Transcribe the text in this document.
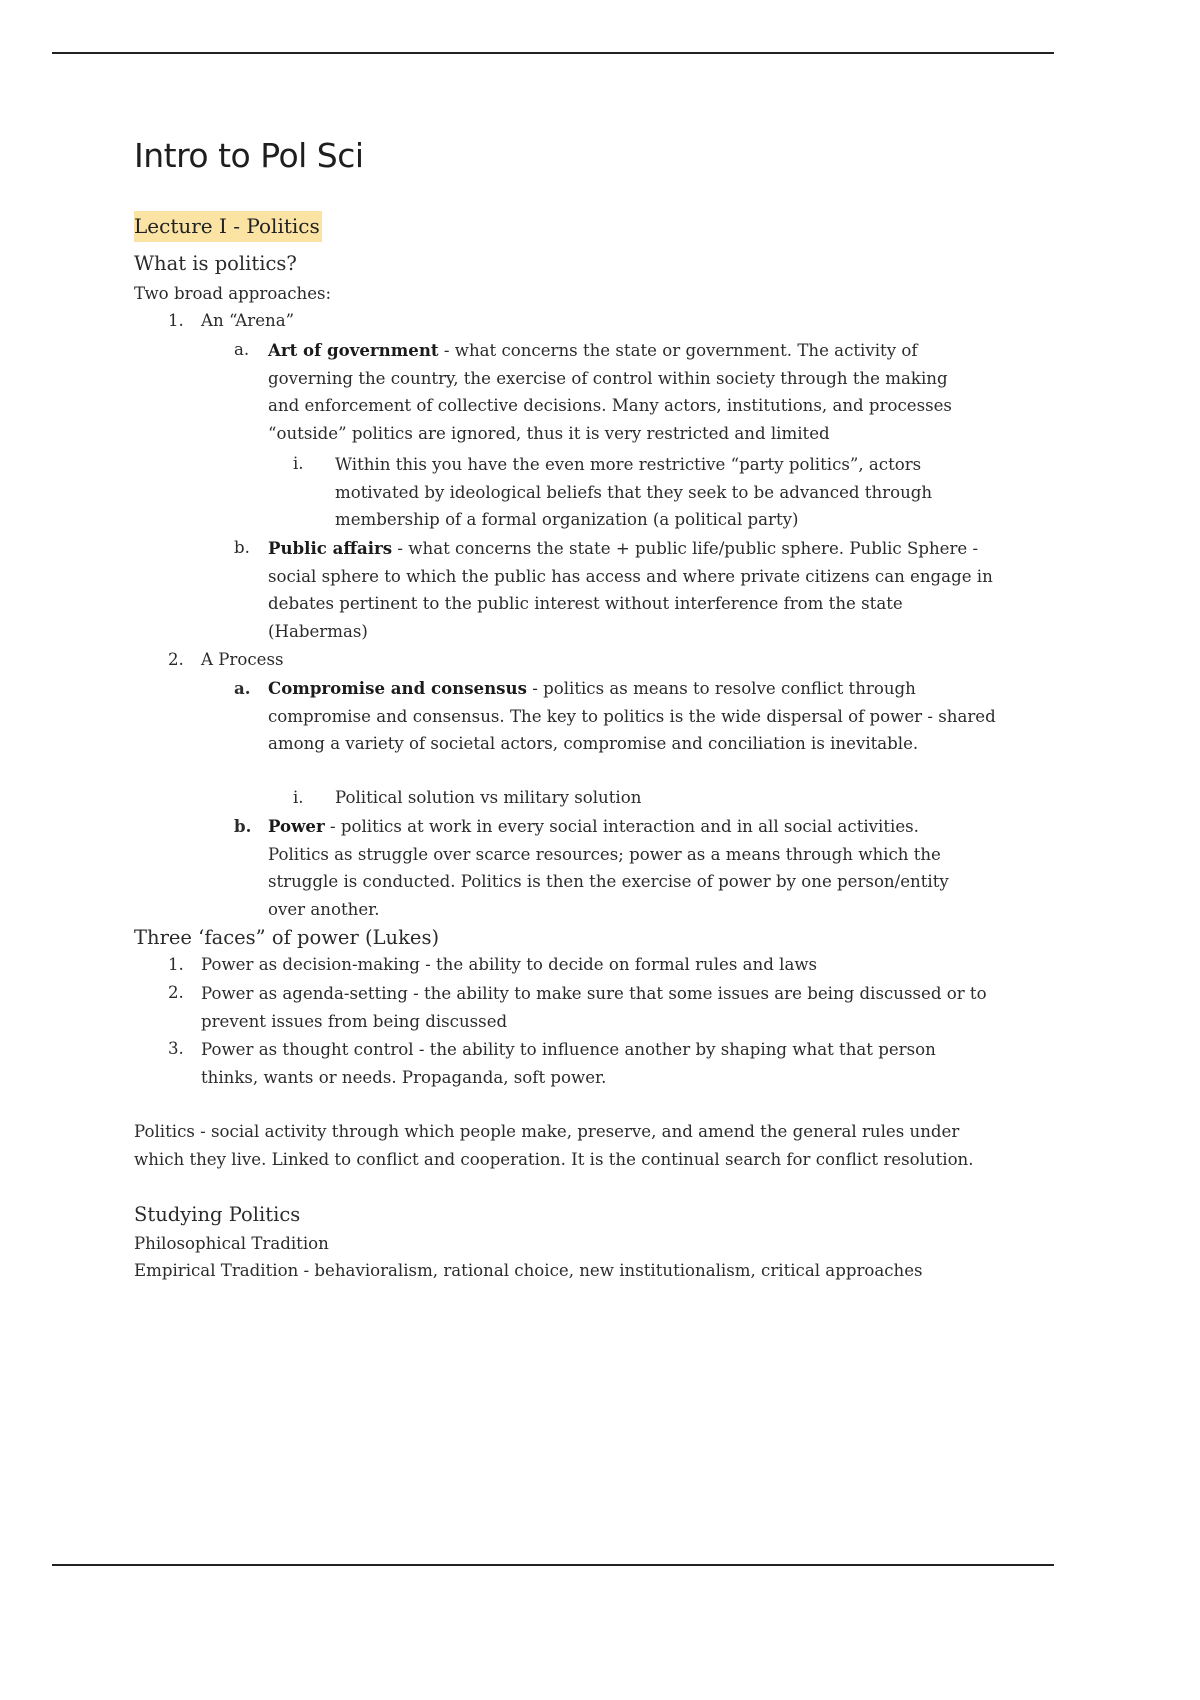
Intro to Pol Sci
Lecture I - Politics

What is politics?

Two broad approaches:

1. An “Arena”

a. Art of government - what concerns the state or government. The activity of governing the country, the exercise of control within society through the making and enforcement of collective decisions. Many actors, institutions, and processes “outside” politics are ignored, thus it is very restricted and limited

i. Within this you have the even more restrictive “party politics”, actors motivated by ideological beliefs that they seek to be advanced through membership of a formal organization (a political party)

b. Public affairs - what concerns the state + public life/public sphere. Public Sphere - social sphere to which the public has access and where private citizens can engage in debates pertinent to the public interest without interference from the state (Habermas)

2. A Process

a. Compromise and consensus - politics as means to resolve conflict through compromise and consensus. The key to politics is the wide dispersal of power - shared among a variety of societal actors, compromise and conciliation is inevitable.

i. Political solution vs military solution

b. Power - politics at work in every social interaction and in all social activities. Politics as struggle over scarce resources; power as a means through which the struggle is conducted. Politics is then the exercise of power by one person/entity over another.

Three ‘faces” of power (Lukes)

1. Power as decision-making - the ability to decide on formal rules and laws

2. Power as agenda-setting - the ability to make sure that some issues are being discussed or to prevent issues from being discussed

3. Power as thought control - the ability to influence another by shaping what that person thinks, wants or needs. Propaganda, soft power.

Politics - social activity through which people make, preserve, and amend the general rules under which they live. Linked to conflict and cooperation. It is the continual search for conflict resolution.

Studying Politics

Philosophical Tradition

Empirical Tradition - behavioralism, rational choice, new institutionalism, critical approaches
